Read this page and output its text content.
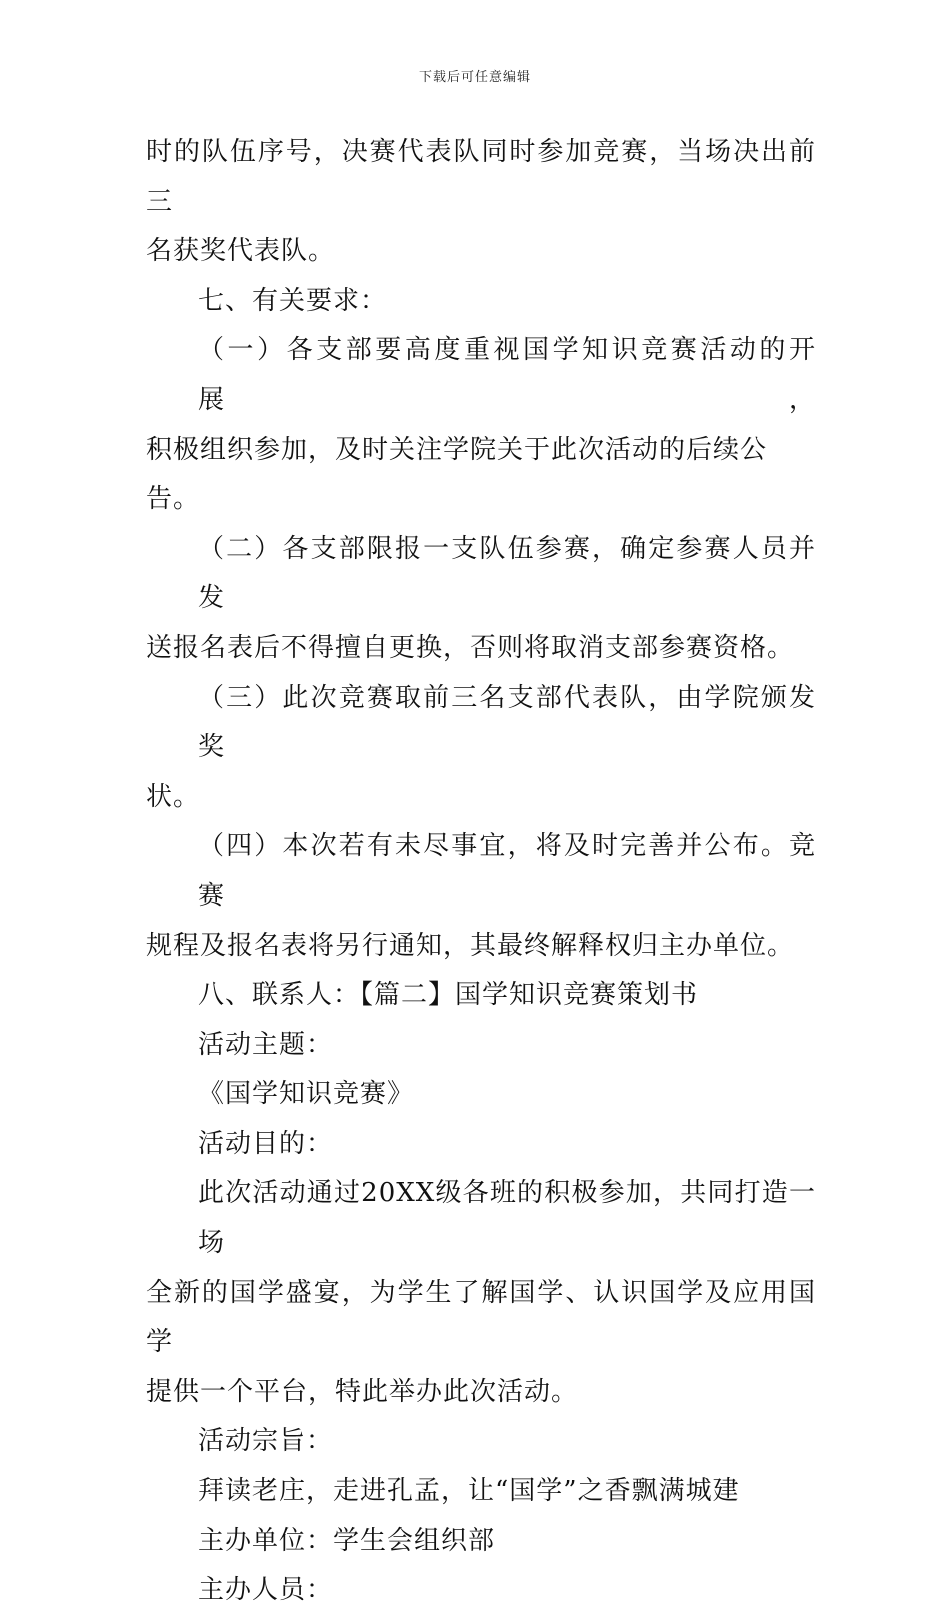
下载后可任意编辑

时的队伍序号，决赛代表队同时参加竞赛，当场决出前三
名获奖代表队。

七、有关要求：

（一）各支部要高度重视国学知识竞赛活动的开展，
积极组织参加，及时关注学院关于此次活动的后续公告。

（二）各支部限报一支队伍参赛，确定参赛人员并发
送报名表后不得擅自更换，否则将取消支部参赛资格。

（三）此次竞赛取前三名支部代表队，由学院颁发奖
状。

（四）本次若有未尽事宜，将及时完善并公布。竞赛
规程及报名表将另行通知，其最终解释权归主办单位。

八、联系人：【篇二】国学知识竞赛策划书

活动主题：

《国学知识竞赛》

活动目的：

此次活动通过20XX级各班的积极参加，共同打造一场
全新的国学盛宴，为学生了解国学、认识国学及应用国学
提供一个平台，特此举办此次活动。

活动宗旨：

拜读老庄，走进孔孟，让“国学”之香飘满城建

主办单位：学生会组织部

主办人员：
